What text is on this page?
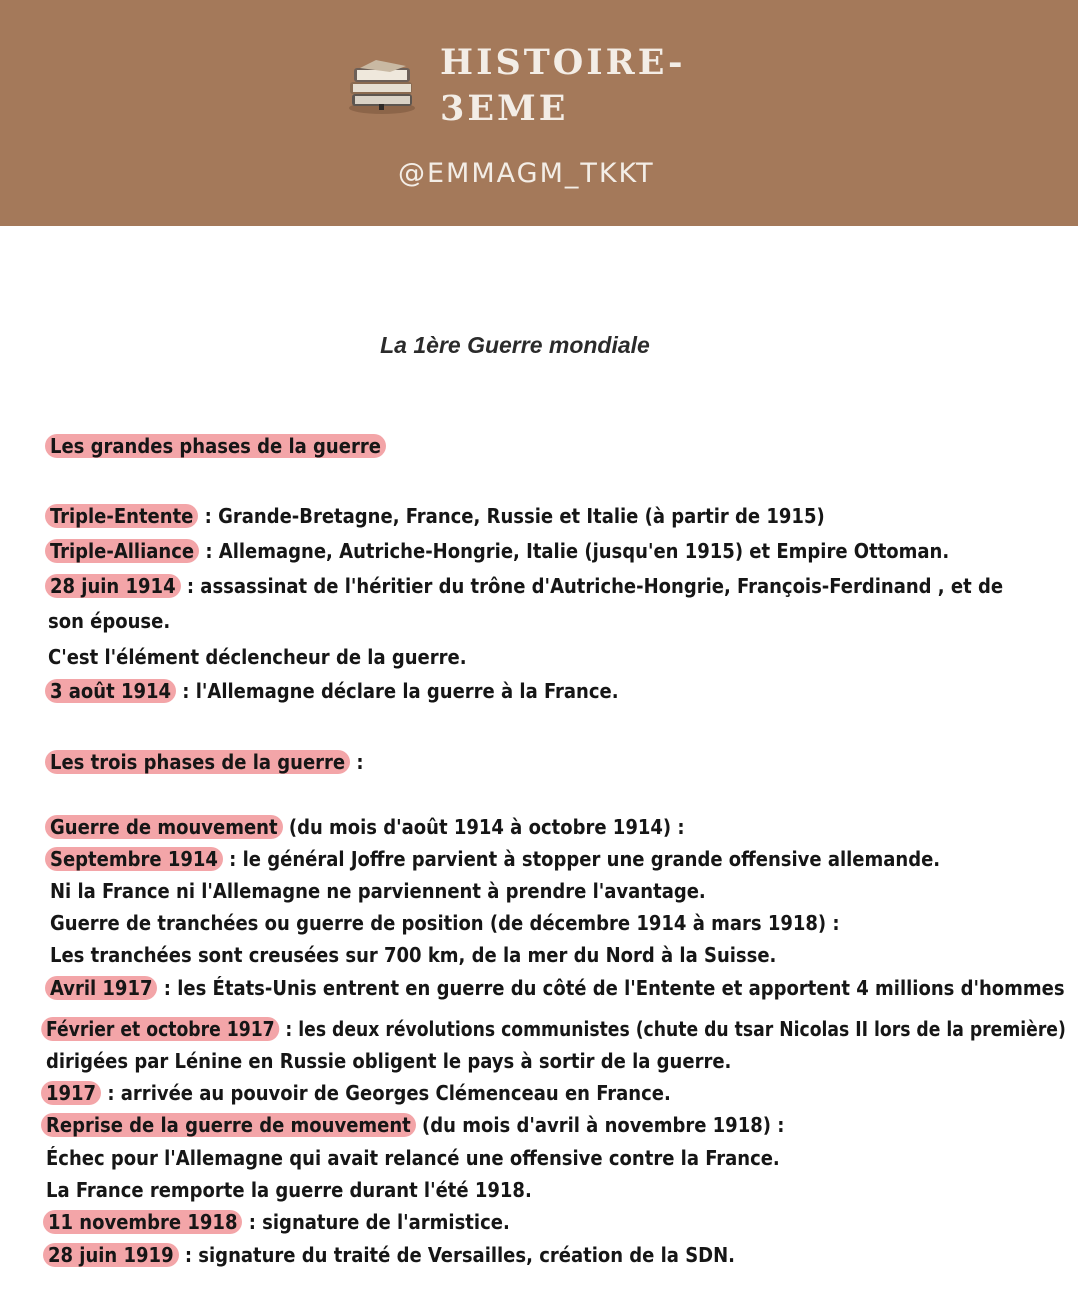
HISTOIRE-
3EME
@EMMAGM_TKKT
La 1ère Guerre mondiale
Les grandes phases de la guerre
Triple-Entente : Grande-Bretagne, France, Russie et Italie (à partir de 1915)
Triple-Alliance : Allemagne, Autriche-Hongrie, Italie (jusqu'en 1915) et Empire Ottoman.
28 juin 1914 : assassinat de l'héritier du trône d'Autriche-Hongrie, François-Ferdinand , et de
son épouse.
C'est l'élément déclencheur de la guerre.
3 août 1914 : l'Allemagne déclare la guerre à la France.
Les trois phases de la guerre :
Guerre de mouvement (du mois d'août 1914 à octobre 1914) :
Septembre 1914 : le général Joffre parvient à stopper une grande offensive allemande.
Ni la France ni l'Allemagne ne parviennent à prendre l'avantage.
Guerre de tranchées ou guerre de position (de décembre 1914 à mars 1918) :
Les tranchées sont creusées sur 700 km, de la mer du Nord à la Suisse.
Avril 1917 : les États-Unis entrent en guerre du côté de l'Entente et apportent 4 millions d'hommes
Février et octobre 1917 : les deux révolutions communistes (chute du tsar Nicolas II lors de la première)
dirigées par Lénine en Russie obligent le pays à sortir de la guerre.
1917 : arrivée au pouvoir de Georges Clémenceau en France.
Reprise de la guerre de mouvement (du mois d'avril à novembre 1918) :
Échec pour l'Allemagne qui avait relancé une offensive contre la France.
La France remporte la guerre durant l'été 1918.
11 novembre 1918 : signature de l'armistice.
28 juin 1919 : signature du traité de Versailles, création de la SDN.
